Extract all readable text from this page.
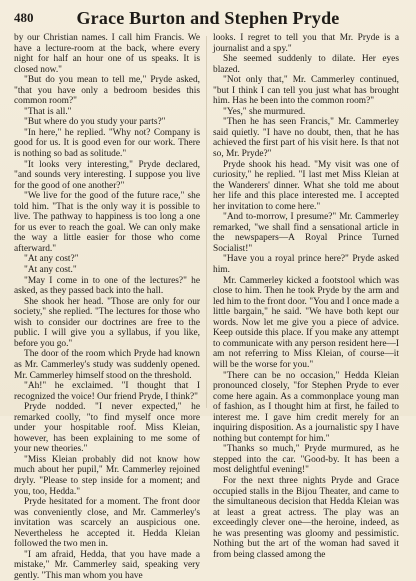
480	Grace Burton and Stephen Pryde

by our Christian names. I call him Francis. We have a lecture-room at the back, where every night for half an hour one of us speaks. It is closed now."

"But do you mean to tell me," Pryde asked, "that you have only a bedroom besides this common room?"

"That is all."

"But where do you study your parts?"

"In here," he replied. "Why not? Company is good for us. It is good even for our work. There is nothing so bad as solitude."

"It looks very interesting," Pryde declared, "and sounds very interesting. I suppose you live for the good of one another?"

"We live for the good of the future race," she told him. "That is the only way it is possible to live. The pathway to happiness is too long a one for us ever to reach the goal. We can only make the way a little easier for those who come afterward."

"At any cost?"

"At any cost."

"May I come in to one of the lectures?" he asked, as they passed back into the hall.

She shook her head. "Those are only for our society," she replied. "The lectures for those who wish to consider our doctrines are free to the public. I will give you a syllabus, if you like, before you go."

The door of the room which Pryde had known as Mr. Cammerley's study was suddenly opened. Mr. Cammerley himself stood on the threshold.

"Ah!" he exclaimed. "I thought that I recognized the voice! Our friend Pryde, I think?"

Pryde nodded. "I never expected," he remarked coolly, "to find myself once more under your hospitable roof. Miss Kleian, however, has been explaining to me some of your new theories."

"Miss Kleian probably did not know how much about her pupil," Mr. Cammerley rejoined dryly. "Please to step inside for a moment; and you, too, Hedda."

Pryde hesitated for a moment. The front door was conveniently close, and Mr. Cammerley's invitation was scarcely an auspicious one. Nevertheless he accepted it. Hedda Kleian followed the two men in.

"I am afraid, Hedda, that you have made a mistake," Mr. Cammerley said, speaking very gently. "This man whom you have

looks. I regret to tell you that Mr. Pryde is a journalist and a spy."

She seemed suddenly to dilate. Her eyes blazed.

"Not only that," Mr. Cammerley continued, "but I think I can tell you just what has brought him. Has he been into the common room?"

"Yes," she murmured.

"Then he has seen Francis," Mr. Cammerley said quietly. "I have no doubt, then, that he has achieved the first part of his visit here. Is that not so, Mr. Pryde?"

Pryde shook his head. "My visit was one of curiosity," he replied. "I last met Miss Kleian at the Wanderers' dinner. What she told me about her life and this place interested me. I accepted her invitation to come here."

"And to-morrow, I presume?" Mr. Cammerley remarked, "we shall find a sensational article in the newspapers—A Royal Prince Turned Socialist!"

"Have you a royal prince here?" Pryde asked him.

Mr. Cammerley kicked a footstool which was close to him. Then he took Pryde by the arm and led him to the front door. "You and I once made a little bargain," he said. "We have both kept our words. Now let me give you a piece of advice. Keep outside this place. If you make any attempt to communicate with any person resident here—I am not referring to Miss Kleian, of course—it will be the worse for you."

"There can be no occasion," Hedda Kleian pronounced closely, "for Stephen Pryde to ever come here again. As a commonplace young man of fashion, as I thought him at first, he failed to interest me. I gave him credit merely for an inquiring disposition. As a journalistic spy I have nothing but contempt for him."

"Thanks so much," Pryde murmured, as he stepped into the car. "Good-by. It has been a most delightful evening!"

For the next three nights Pryde and Grace occupied stalls in the Bijou Theater, and came to the simultaneous decision that Hedda Kleian was at least a great actress. The play was an exceedingly clever one—the heroine, indeed, as he was presenting was gloomy and pessimistic. Nothing but the art of the woman had saved it from being classed among the
